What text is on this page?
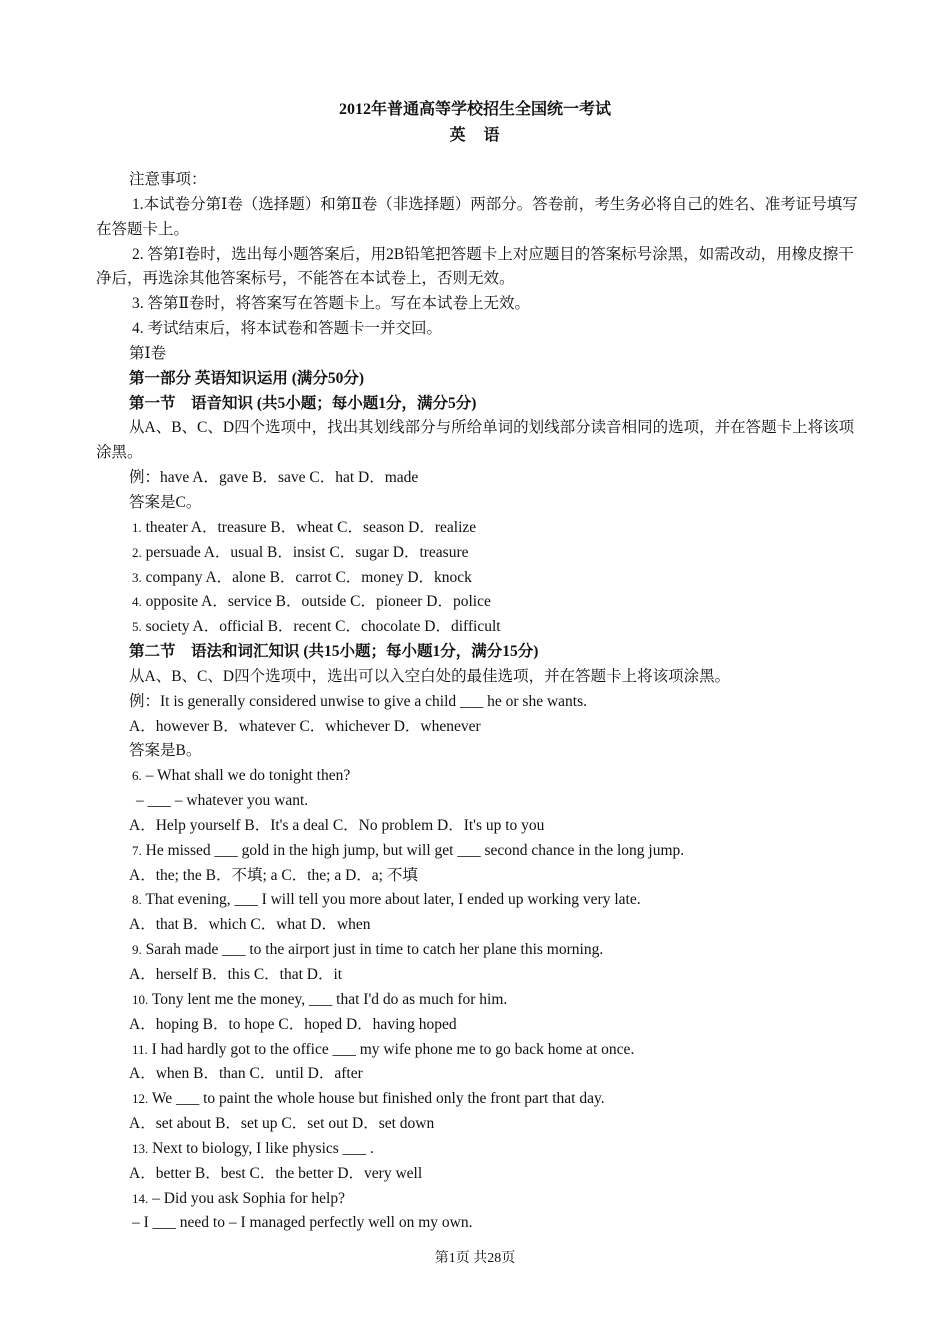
2012年普通高等学校招生全国统一考试
英　语
注意事项：
1.本试卷分第Ⅰ卷（选择题）和第Ⅱ卷（非选择题）两部分。答卷前，考生务必将自己的姓名、准考证号填写在答题卡上。
2. 答第Ⅰ卷时，选出每小题答案后，用2B铅笔把答题卡上对应题目的答案标号涂黑，如需改动，用橡皮擦干净后，再选涂其他答案标号，不能答在本试卷上，否则无效。
3. 答第Ⅱ卷时，将答案写在答题卡上。写在本试卷上无效。
4. 考试结束后，将本试卷和答题卡一并交回。
第Ⅰ卷
第一部分 英语知识运用 (满分50分)
第一节　语音知识 (共5小题；每小题1分，满分5分)
从A、B、C、D四个选项中，找出其划线部分与所给单词的划线部分读音相同的选项，并在答题卡上将该项涂黑。
例：have A．gave B．save C．hat D．made
答案是C。
1. theater A．treasure B．wheat C．season D．realize
2. persuade A．usual B．insist C．sugar D．treasure
3. company A．alone B．carrot C．money D．knock
4. opposite A．service B．outside C．pioneer D．police
5. society A．official B．recent C．chocolate D．difficult
第二节　语法和词汇知识 (共15小题；每小题1分，满分15分)
从A、B、C、D四个选项中，选出可以入空白处的最佳选项，并在答题卡上将该项涂黑。
例：It is generally considered unwise to give a child ___ he or she wants.
A．however B．whatever C．whichever D．whenever
答案是B。
6. – What shall we do tonight then?
– ___ – whatever you want.
A．Help yourself B．It's a deal C．No problem D．It's up to you
7. He missed ___ gold in the high jump, but will get ___ second chance in the long jump.
A．the; the B．不填; a C．the; a D．a; 不填
8. That evening, ___ I will tell you more about later, I ended up working very late.
A．that B．which C．what D．when
9. Sarah made ___ to the airport just in time to catch her plane this morning.
A．herself B．this C．that D．it
10. Tony lent me the money, ___ that I'd do as much for him.
A．hoping B．to hope C．hoped D．having hoped
11. I had hardly got to the office ___ my wife phone me to go back home at once.
A．when B．than C．until D．after
12. We ___ to paint the whole house but finished only the front part that day.
A．set about B．set up C．set out D．set down
13. Next to biology, I like physics ___ .
A．better B．best C．the better D．very well
14. – Did you ask Sophia for help?
– I ___ need to – I managed perfectly well on my own.
第1页 共28页
